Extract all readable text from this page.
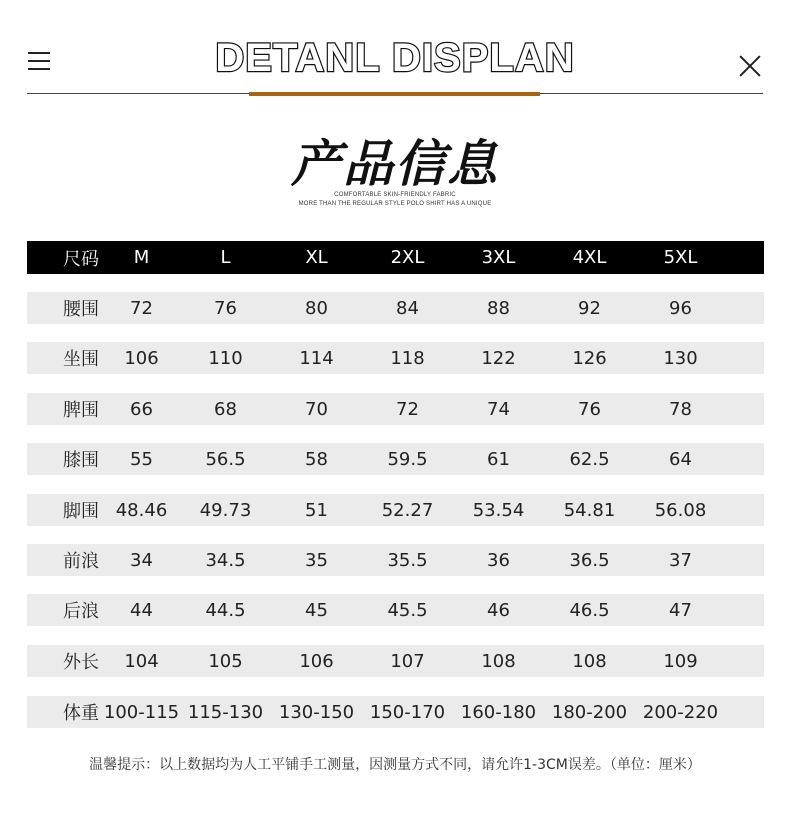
DETANL DISPLAN
产品信息
COMFORTABLE SKIN-FRIENDLY FABRIC
MORE THAN THE REGULAR STYLE POLO SHIRT HAS A UNIQUE
尺码	M	L	XL	2XL	3XL	4XL	5XL
腰围	72	76	80	84	88	92	96
坐围	106	110	114	118	122	126	130
脾围	66	68	70	72	74	76	78
膝围	55	56.5	58	59.5	61	62.5	64
脚围 48.46	49.73	51	52.27	53.54	54.81	56.08
前浪	34	34.5	35	35.5	36	36.5	37
后浪	44	44.5	45	45.5	46	46.5	47
外长	104	105	106	107	108	108	109
体重 100-115 115-130 130-150 150-170 160-180 180-200 200-220
温馨提示：以上数据均为人工平铺手工测量，因测量方式不同，请允许1-3CM误差。（单位：厘米）
